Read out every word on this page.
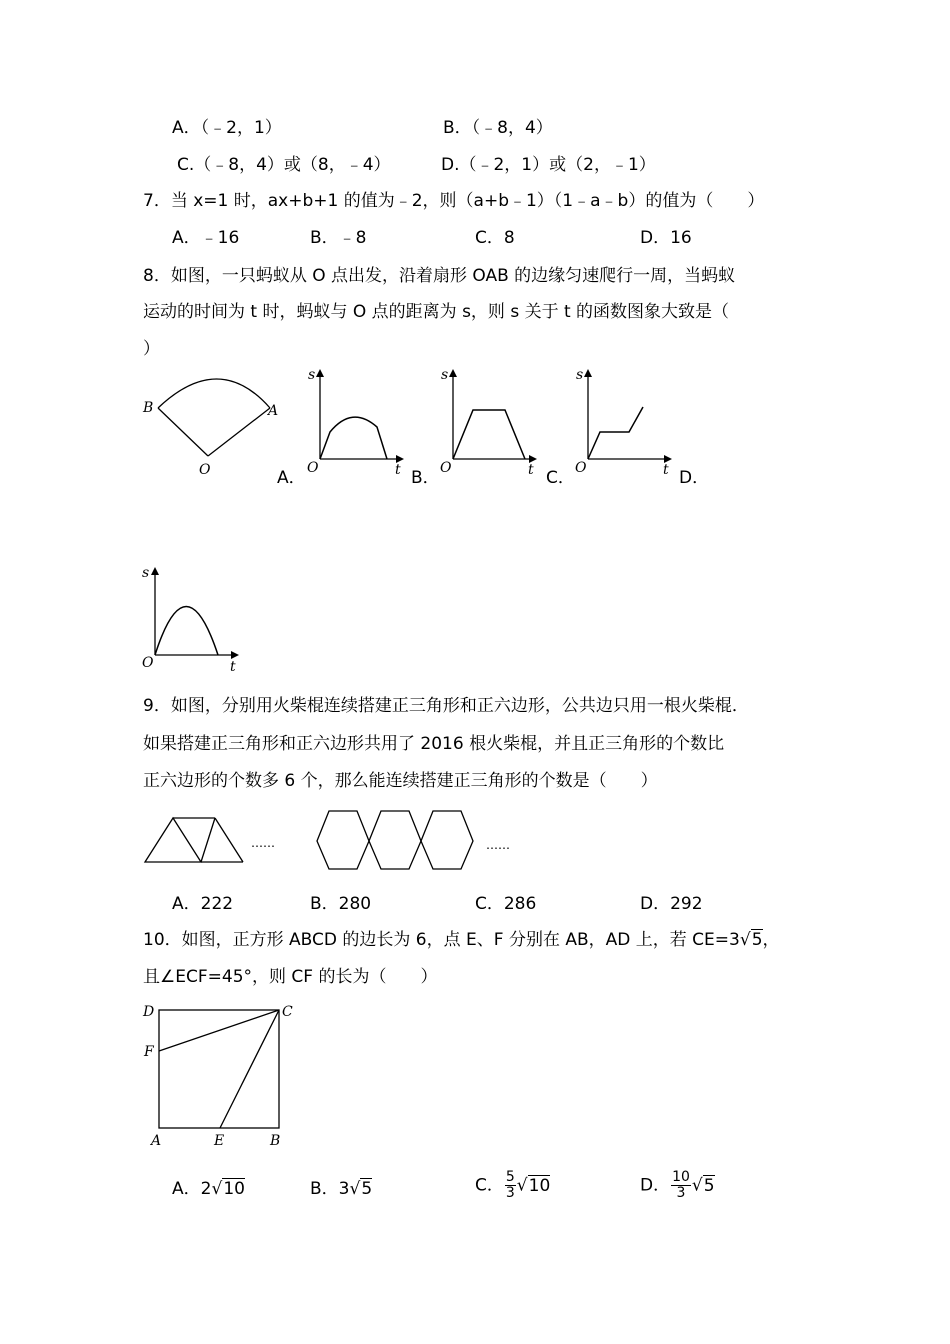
A．（﹣2，1）	B．（﹣8，4）
C.（﹣8，4）或（8，﹣4）	D.（﹣2，1）或（2，﹣1）
7．当 x=1 时，ax+b+1 的值为﹣2，则（a+b﹣1）（1﹣a﹣b）的值为（　　）
A．﹣16	B．﹣8	C．8	D．16
8．如图，一只蚂蚁从 O 点出发，沿着扇形 OAB 的边缘匀速爬行一周，当蚂蚁
运动的时间为 t 时，蚂蚁与 O 点的距离为 s，则 s 关于 t 的函数图象大致是（
）
B	A
O
s
O	t
A．
s
O	t
B．
s
O	t
C．	D．
s
O	t
9．如图，分别用火柴棍连续搭建正三角形和正六边形，公共边只用一根火柴棍．
如果搭建正三角形和正六边形共用了 2016 根火柴棍，并且正三角形的个数比
正六边形的个数多 6 个，那么能连续搭建正三角形的个数是（　　）
……	……
A．222	B．280	C．286	D．292
10．如图，正方形 ABCD 的边长为 6，点 E、F 分别在 AB，AD 上，若 CE=3√5，
且∠ECF=45°，则 CF 的长为（　　）
D	C
F
A	E	B
A．2√10	B．3√5	C． $\frac{5}{3} √10$	D． $\frac{10}{3} √5$
